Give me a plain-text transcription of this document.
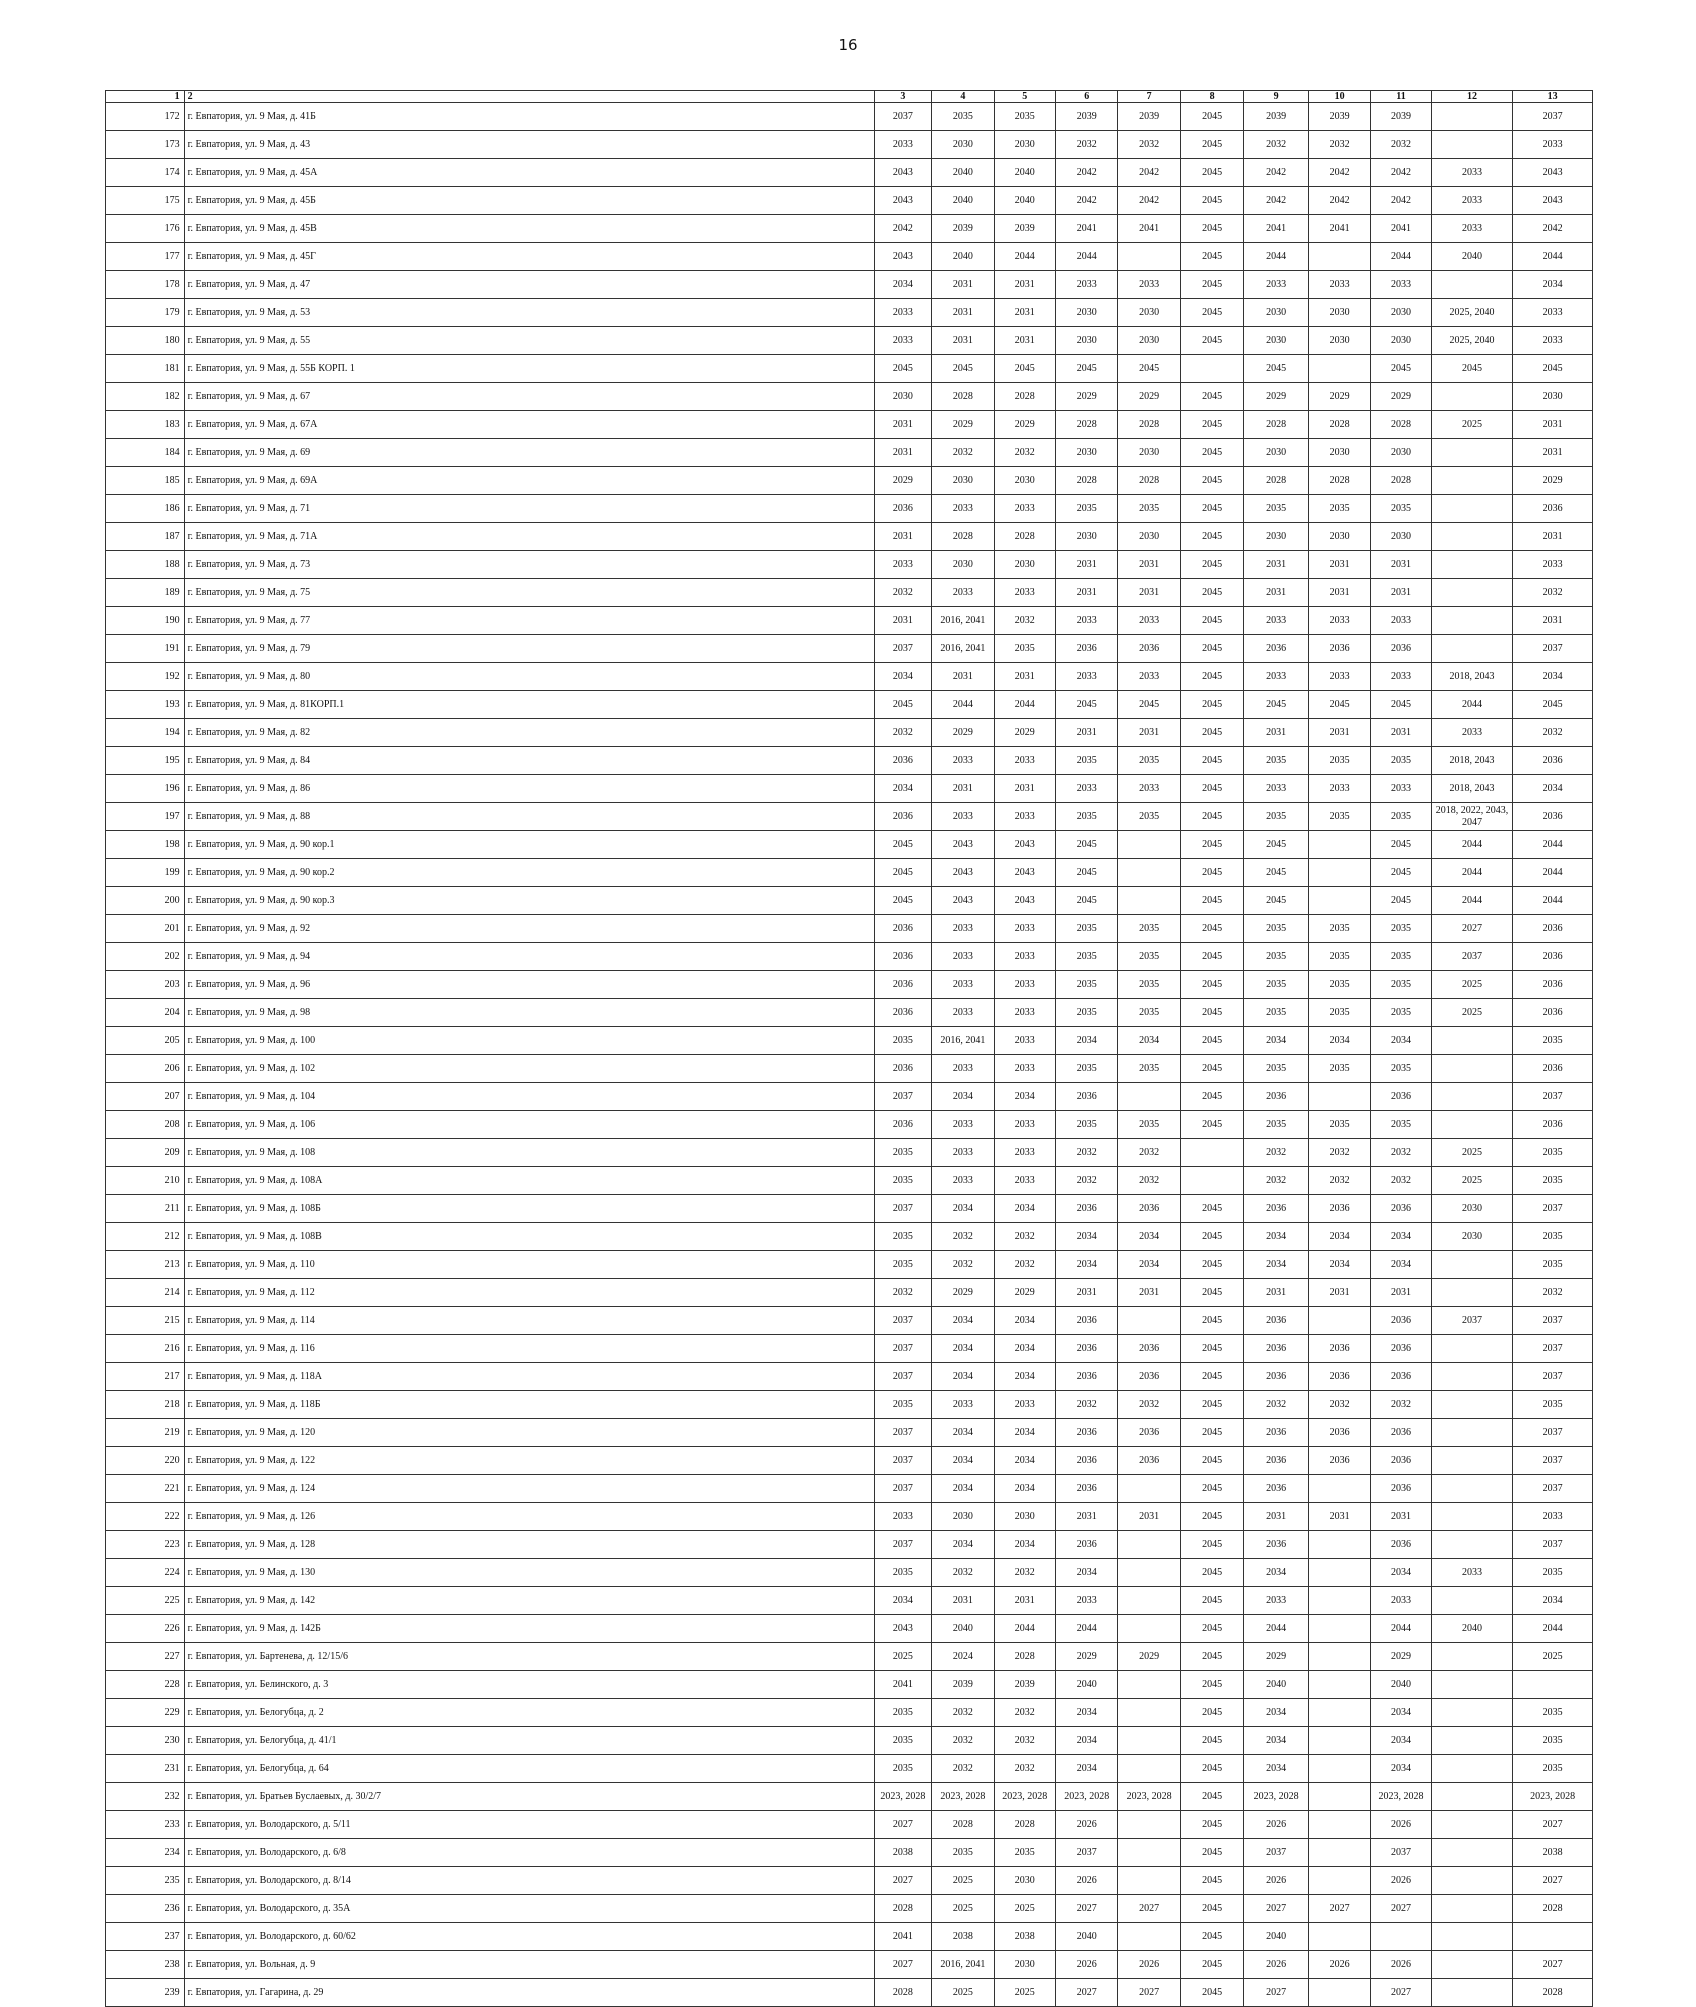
16
1	2	3	4	5	6	7	8	9	10	11	12	13
172	г. Евпатория, ул. 9 Мая, д. 41Б	2037	2035	2035	2039	2039	2045	2039	2039	2039		2037
173	г. Евпатория, ул. 9 Мая, д. 43	2033	2030	2030	2032	2032	2045	2032	2032	2032		2033
174	г. Евпатория, ул. 9 Мая, д. 45А	2043	2040	2040	2042	2042	2045	2042	2042	2042	2033	2043
175	г. Евпатория, ул. 9 Мая, д. 45Б	2043	2040	2040	2042	2042	2045	2042	2042	2042	2033	2043
176	г. Евпатория, ул. 9 Мая, д. 45В	2042	2039	2039	2041	2041	2045	2041	2041	2041	2033	2042
177	г. Евпатория, ул. 9 Мая, д. 45Г	2043	2040	2044	2044		2045	2044		2044	2040	2044
178	г. Евпатория, ул. 9 Мая, д. 47	2034	2031	2031	2033	2033	2045	2033	2033	2033		2034
179	г. Евпатория, ул. 9 Мая, д. 53	2033	2031	2031	2030	2030	2045	2030	2030	2030	2025, 2040	2033
180	г. Евпатория, ул. 9 Мая, д. 55	2033	2031	2031	2030	2030	2045	2030	2030	2030	2025, 2040	2033
181	г. Евпатория, ул. 9 Мая, д. 55Б КОРП. 1	2045	2045	2045	2045	2045		2045		2045	2045	2045
182	г. Евпатория, ул. 9 Мая, д. 67	2030	2028	2028	2029	2029	2045	2029	2029	2029		2030
183	г. Евпатория, ул. 9 Мая, д. 67А	2031	2029	2029	2028	2028	2045	2028	2028	2028	2025	2031
184	г. Евпатория, ул. 9 Мая, д. 69	2031	2032	2032	2030	2030	2045	2030	2030	2030		2031
185	г. Евпатория, ул. 9 Мая, д. 69А	2029	2030	2030	2028	2028	2045	2028	2028	2028		2029
186	г. Евпатория, ул. 9 Мая, д. 71	2036	2033	2033	2035	2035	2045	2035	2035	2035		2036
187	г. Евпатория, ул. 9 Мая, д. 71А	2031	2028	2028	2030	2030	2045	2030	2030	2030		2031
188	г. Евпатория, ул. 9 Мая, д. 73	2033	2030	2030	2031	2031	2045	2031	2031	2031		2033
189	г. Евпатория, ул. 9 Мая, д. 75	2032	2033	2033	2031	2031	2045	2031	2031	2031		2032
190	г. Евпатория, ул. 9 Мая, д. 77	2031	2016, 2041	2032	2033	2033	2045	2033	2033	2033		2031
191	г. Евпатория, ул. 9 Мая, д. 79	2037	2016, 2041	2035	2036	2036	2045	2036	2036	2036		2037
192	г. Евпатория, ул. 9 Мая, д. 80	2034	2031	2031	2033	2033	2045	2033	2033	2033	2018, 2043	2034
193	г. Евпатория, ул. 9 Мая, д. 81КОРП.1	2045	2044	2044	2045	2045	2045	2045	2045	2045	2044	2045
194	г. Евпатория, ул. 9 Мая, д. 82	2032	2029	2029	2031	2031	2045	2031	2031	2031	2033	2032
195	г. Евпатория, ул. 9 Мая, д. 84	2036	2033	2033	2035	2035	2045	2035	2035	2035	2018, 2043	2036
196	г. Евпатория, ул. 9 Мая, д. 86	2034	2031	2031	2033	2033	2045	2033	2033	2033	2018, 2043	2034
197	г. Евпатория, ул. 9 Мая, д. 88	2036	2033	2033	2035	2035	2045	2035	2035	2035	2018, 2022, 2043, 2047	2036
198	г. Евпатория, ул. 9 Мая, д. 90 кор.1	2045	2043	2043	2045		2045	2045		2045	2044	2044
199	г. Евпатория, ул. 9 Мая, д. 90 кор.2	2045	2043	2043	2045		2045	2045		2045	2044	2044
200	г. Евпатория, ул. 9 Мая, д. 90 кор.3	2045	2043	2043	2045		2045	2045		2045	2044	2044
201	г. Евпатория, ул. 9 Мая, д. 92	2036	2033	2033	2035	2035	2045	2035	2035	2035	2027	2036
202	г. Евпатория, ул. 9 Мая, д. 94	2036	2033	2033	2035	2035	2045	2035	2035	2035	2037	2036
203	г. Евпатория, ул. 9 Мая, д. 96	2036	2033	2033	2035	2035	2045	2035	2035	2035	2025	2036
204	г. Евпатория, ул. 9 Мая, д. 98	2036	2033	2033	2035	2035	2045	2035	2035	2035	2025	2036
205	г. Евпатория, ул. 9 Мая, д. 100	2035	2016, 2041	2033	2034	2034	2045	2034	2034	2034		2035
206	г. Евпатория, ул. 9 Мая, д. 102	2036	2033	2033	2035	2035	2045	2035	2035	2035		2036
207	г. Евпатория, ул. 9 Мая, д. 104	2037	2034	2034	2036		2045	2036		2036		2037
208	г. Евпатория, ул. 9 Мая, д. 106	2036	2033	2033	2035	2035	2045	2035	2035	2035		2036
209	г. Евпатория, ул. 9 Мая, д. 108	2035	2033	2033	2032	2032		2032	2032	2032	2025	2035
210	г. Евпатория, ул. 9 Мая, д. 108А	2035	2033	2033	2032	2032		2032	2032	2032	2025	2035
211	г. Евпатория, ул. 9 Мая, д. 108Б	2037	2034	2034	2036	2036	2045	2036	2036	2036	2030	2037
212	г. Евпатория, ул. 9 Мая, д. 108В	2035	2032	2032	2034	2034	2045	2034	2034	2034	2030	2035
213	г. Евпатория, ул. 9 Мая, д. 110	2035	2032	2032	2034	2034	2045	2034	2034	2034		2035
214	г. Евпатория, ул. 9 Мая, д. 112	2032	2029	2029	2031	2031	2045	2031	2031	2031		2032
215	г. Евпатория, ул. 9 Мая, д. 114	2037	2034	2034	2036		2045	2036		2036	2037	2037
216	г. Евпатория, ул. 9 Мая, д. 116	2037	2034	2034	2036	2036	2045	2036	2036	2036		2037
217	г. Евпатория, ул. 9 Мая, д. 118А	2037	2034	2034	2036	2036	2045	2036	2036	2036		2037
218	г. Евпатория, ул. 9 Мая, д. 118Б	2035	2033	2033	2032	2032	2045	2032	2032	2032		2035
219	г. Евпатория, ул. 9 Мая, д. 120	2037	2034	2034	2036	2036	2045	2036	2036	2036		2037
220	г. Евпатория, ул. 9 Мая, д. 122	2037	2034	2034	2036	2036	2045	2036	2036	2036		2037
221	г. Евпатория, ул. 9 Мая, д. 124	2037	2034	2034	2036		2045	2036		2036		2037
222	г. Евпатория, ул. 9 Мая, д. 126	2033	2030	2030	2031	2031	2045	2031	2031	2031		2033
223	г. Евпатория, ул. 9 Мая, д. 128	2037	2034	2034	2036		2045	2036		2036		2037
224	г. Евпатория, ул. 9 Мая, д. 130	2035	2032	2032	2034		2045	2034		2034	2033	2035
225	г. Евпатория, ул. 9 Мая, д. 142	2034	2031	2031	2033		2045	2033		2033		2034
226	г. Евпатория, ул. 9 Мая, д. 142Б	2043	2040	2044	2044		2045	2044		2044	2040	2044
227	г. Евпатория, ул. Бартенева, д. 12/15/6	2025	2024	2028	2029	2029	2045	2029		2029		2025
228	г. Евпатория, ул. Белинского, д. 3	2041	2039	2039	2040		2045	2040		2040		
229	г. Евпатория, ул. Белогубца, д. 2	2035	2032	2032	2034		2045	2034		2034		2035
230	г. Евпатория, ул. Белогубца, д. 41/1	2035	2032	2032	2034		2045	2034		2034		2035
231	г. Евпатория, ул. Белогубца, д. 64	2035	2032	2032	2034		2045	2034		2034		2035
232	г. Евпатория, ул. Братьев Буслаевых, д. 30/2/7	2023, 2028	2023, 2028	2023, 2028	2023, 2028	2023, 2028	2045	2023, 2028		2023, 2028		2023, 2028
233	г. Евпатория, ул. Володарского, д. 5/11	2027	2028	2028	2026		2045	2026		2026		2027
234	г. Евпатория, ул. Володарского, д. 6/8	2038	2035	2035	2037		2045	2037		2037		2038
235	г. Евпатория, ул. Володарского, д. 8/14	2027	2025	2030	2026		2045	2026		2026		2027
236	г. Евпатория, ул. Володарского, д. 35А	2028	2025	2025	2027	2027	2045	2027	2027	2027		2028
237	г. Евпатория, ул. Володарского, д. 60/62	2041	2038	2038	2040		2045	2040				
238	г. Евпатория, ул. Вольная, д. 9	2027	2016, 2041	2030	2026	2026	2045	2026	2026	2026		2027
239	г. Евпатория, ул. Гагарина, д. 29	2028	2025	2025	2027	2027	2045	2027		2027		2028
